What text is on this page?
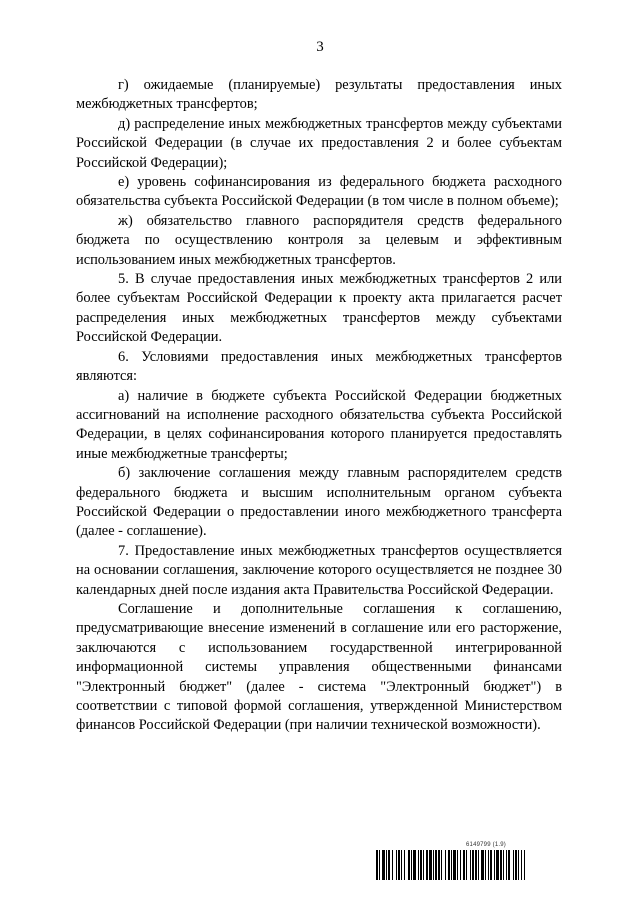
3

г) ожидаемые (планируемые) результаты предоставления иных межбюджетных трансфертов;

д) распределение иных межбюджетных трансфертов между субъектами Российской Федерации (в случае их предоставления 2 и более субъектам Российской Федерации);

е) уровень софинансирования из федерального бюджета расходного обязательства субъекта Российской Федерации (в том числе в полном объеме);

ж) обязательство главного распорядителя средств федерального бюджета по осуществлению контроля за целевым и эффективным использованием иных межбюджетных трансфертов.

5. В случае предоставления иных межбюджетных трансфертов 2 или более субъектам Российской Федерации к проекту акта прилагается расчет распределения иных межбюджетных трансфертов между субъектами Российской Федерации.

6. Условиями предоставления иных межбюджетных трансфертов являются:

а) наличие в бюджете субъекта Российской Федерации бюджетных ассигнований на исполнение расходного обязательства субъекта Российской Федерации, в целях софинансирования которого планируется предоставлять иные межбюджетные трансферты;

б) заключение соглашения между главным распорядителем средств федерального бюджета и высшим исполнительным органом субъекта Российской Федерации о предоставлении иного межбюджетного трансферта (далее - соглашение).

7. Предоставление иных межбюджетных трансфертов осуществляется на основании соглашения, заключение которого осуществляется не позднее 30 календарных дней после издания акта Правительства Российской Федерации.

Соглашение и дополнительные соглашения к соглашению, предусматривающие внесение изменений в соглашение или его расторжение, заключаются с использованием государственной интегрированной информационной системы управления общественными финансами "Электронный бюджет" (далее - система "Электронный бюджет") в соответствии с типовой формой соглашения, утвержденной Министерством финансов Российской Федерации (при наличии технической возможности).

6149799 (1.9)
